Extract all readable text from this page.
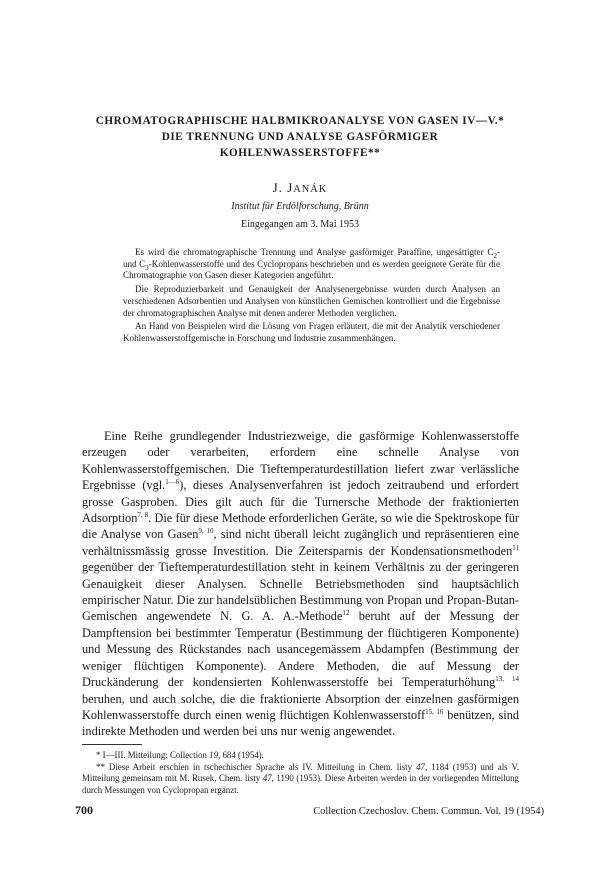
CHROMATOGRAPHISCHE HALBMIKROANALYSE VON GASEN IV—V.*
DIE TRENNUNG UND ANALYSE GASFÖRMIGER
KOHLENWASSERSTOFFE**

J. JANÁK

Institut für Erdölforschung, Brünn

Eingegangen am 3. Mai 1953

Es wird die chromatographische Trennung und Analyse gasförmiger Paraffine, ungesättigter $C_2-$ und $C_3$-Kohlenwasserstoffe und des Cyclopropans beschrieben und es werden geeignete Geräte für die Chromatographie von Gasen dieser Kategorien angeführt.

Die Reproduzierbarkeit und Genauigkeit der Analysenergebnisse wurden durch Analysen an verschiedenen Adsorbentien und Analysen von künstlichen Gemischen kontrolliert und die Ergebnisse der chromatographischen Analyse mit denen anderer Methoden verglichen.

An Hand von Beispielen wird die Lösung von Fragen erläutert, die mit der Analytik verschiedener Kohlenwasserstoffgemische in Forschung und Industrie zusammenhängen.

Eine Reihe grundlegender Industriezweige, die gasförmige Kohlenwasserstoffe erzeugen oder verarbeiten, erfordern eine schnelle Analyse von Kohlenwasserstoffgemischen. Die Tieftemperaturdestillation liefert zwar verlässliche Ergebnisse (vgl.$^{1—6}$), dieses Analysenverfahren ist jedoch zeitraubend und erfordert grosse Gasproben. Dies gilt auch für die Turnersche Methode der fraktionierten Adsorption$^{7, 8}$. Die für diese Methode erforderlichen Geräte, so wie die Spektroskope für die Analyse von Gasen$^{9, 10}$, sind nicht überall leicht zugänglich und repräsentieren eine verhältnissmässig grosse Investition. Die Zeitersparnis der Kondensationsmethoden$^{11}$ gegenüber der Tieftemperaturdestillation steht in keinem Verhältnis zu der geringeren Genauigkeit dieser Analysen. Schnelle Betriebsmethoden sind hauptsächlich empirischer Natur. Die zur handelsüblichen Bestimmung von Propan und Propan-Butan-Gemischen angewendete N. G. A. A.-Methode$^{12}$ beruht auf der Messung der Dampftension bei bestimmter Temperatur (Bestimmung der flüchtigeren Komponente) und Messung des Rückstandes nach usancegemässem Abdampfen (Bestimmung der weniger flüchtigen Komponente). Andere Methoden, die auf Messung der Druckänderung der kondensierten Kohlenwasserstoffe bei Temperaturhöhung$^{13, 14}$ beruhen, und auch solche, die die fraktionierte Absorption der einzelnen gasförmigen Kohlenwasserstoffe durch einen wenig flüchtigen Kohlenwasserstoff$^{15, 16}$ benützen, sind indirekte Methoden und werden bei uns nur wenig angewendet.

* I—III. Mitteilung: Collection 19, 684 (1954).

** Diese Arbeit erschien in tschechischer Sprache als IV. Mitteilung in Chem. listy 47, 1184 (1953) und als V. Mitteilung gemeinsam mit M. Rusek, Chem. listy 47, 1190 (1953). Diese Arbeiten werden in der vorliegenden Mitteilung durch Messungen von Cyclopropan ergänzt.

700	Collection Czechoslov. Chem. Commun. Vol. 19 (1954)
